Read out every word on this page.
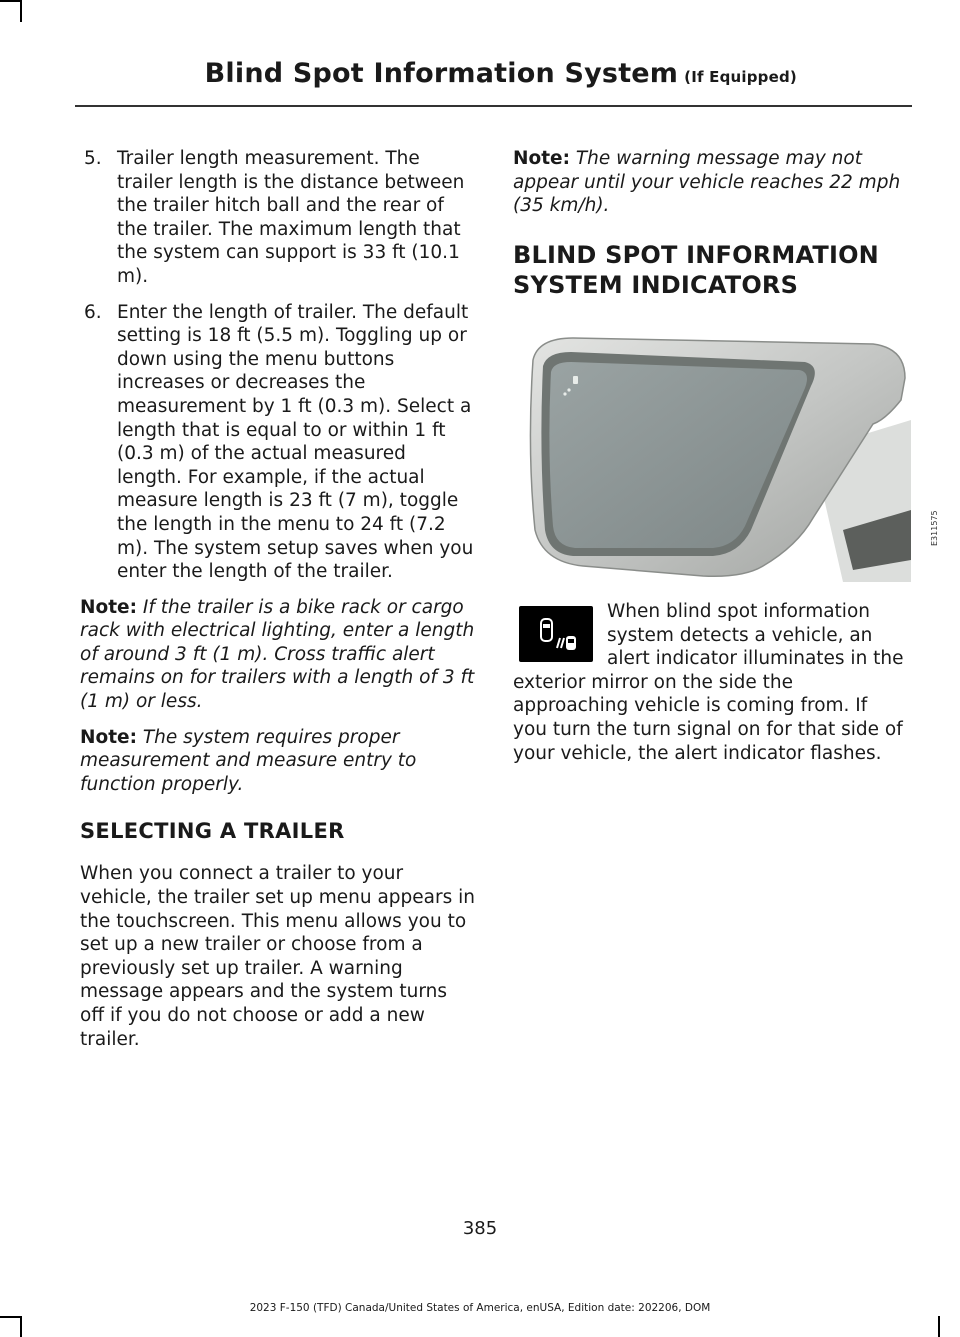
Blind Spot Information System (If Equipped)
5. Trailer length measurement. The trailer length is the distance between the trailer hitch ball and the rear of the trailer. The maximum length that the system can support is 33 ft (10.1 m).
6. Enter the length of trailer. The default setting is 18 ft (5.5 m). Toggling up or down using the menu buttons increases or decreases the measurement by 1 ft (0.3 m). Select a length that is equal to or within 1 ft (0.3 m) of the actual measured length. For example, if the actual measure length is 23 ft (7 m), toggle the length in the menu to 24 ft (7.2 m). The system setup saves when you enter the length of the trailer.

Note: If the trailer is a bike rack or cargo rack with electrical lighting, enter a length of around 3 ft (1 m). Cross traffic alert remains on for trailers with a length of 3 ft (1 m) or less.

Note: The system requires proper measurement and measure entry to function properly.

SELECTING A TRAILER

When you connect a trailer to your vehicle, the trailer set up menu appears in the touchscreen. This menu allows you to set up a new trailer or choose from a previously set up trailer. A warning message appears and the system turns off if you do not choose or add a new trailer.

Note: The warning message may not appear until your vehicle reaches 22 mph (35 km/h).

BLIND SPOT INFORMATION
SYSTEM INDICATORS
E311575
When blind spot information system detects a vehicle, an alert indicator illuminates in the exterior mirror on the side the approaching vehicle is coming from. If you turn the turn signal on for that side of your vehicle, the alert indicator flashes.
385
2023 F-150 (TFD) Canada/United States of America, enUSA, Edition date: 202206, DOM
